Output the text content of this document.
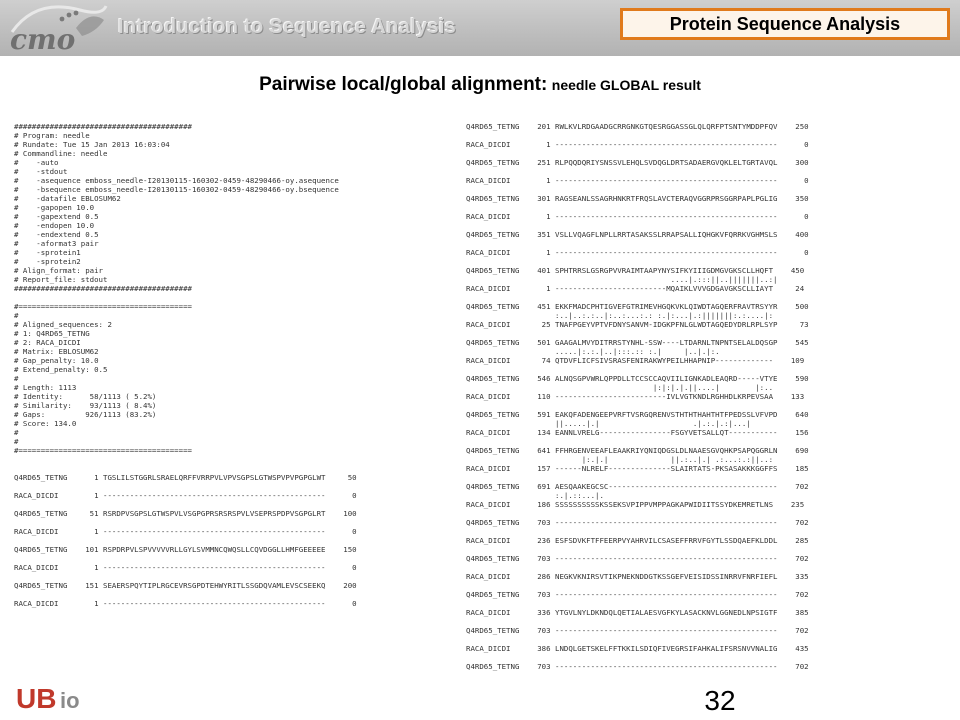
cmo Introduction to Sequence Analysis	Protein Sequence Analysis
Pairwise local/global alignment: needle GLOBAL result
########################################
# Program: needle
# Rundate: Tue 15 Jan 2013 16:03:04
# Commandline: needle
#    -auto
#    -stdout
#    -asequence emboss_needle-I20130115-160302-0459-48290466-oy.asequence
#    -bsequence emboss_needle-I20130115-160302-0459-48290466-oy.bsequence
#    -datafile EBLOSUM62
#    -gapopen 10.0
#    -gapextend 0.5
#    -endopen 10.0
#    -endextend 0.5
#    -aformat3 pair
#    -sprotein1
#    -sprotein2
# Align_format: pair
# Report_file: stdout
########################################
#=======================================
#
# Aligned_sequences: 2
# 1: Q4RD65_TETNG
# 2: RACA_DICDI
# Matrix: EBLOSUM62
# Gap_penalty: 10.0
# Extend_penalty: 0.5
#
# Length: 1113
# Identity:      58/1113 ( 5.2%)
# Similarity:    93/1113 ( 8.4%)
# Gaps:         926/1113 (83.2%)
# Score: 134.0
#
#
#=======================================
Q4RD65_TETNG      1 TGSLILSTGGRLSRAELQRFFVRRPVLVPVSGPSLGTWSPVPVPGPGLWT     50
RACA_DICDI        1 --------------------------------------------------      0
Q4RD65_TETNG     51 RSRDPVSGPSLGTWSPVLVSGPGPRSRSRSPVLVSEPRSPDPVSGPGLRT    100
RACA_DICDI        1 --------------------------------------------------      0
Q4RD65_TETNG    101 RSPDRPVLSPVVVVVRLLGYLSVMMNCQWQSLLCQVDGGLLHMFGEEEEE    150
RACA_DICDI        1 --------------------------------------------------      0
Q4RD65_TETNG    151 SEAERSPQYTIPLRGCEVRSGPDTEHWYRITLSSGDQVAMLEVSCSEEKQ    200
RACA_DICDI        1 --------------------------------------------------      0
Q4RD65_TETNG    201 RWLKVLRDGAADGCRRGNKGTQESRGGASSGLQLQRFPTSNTYMDDPFQV    250
RACA_DICDI        1 --------------------------------------------------      0
Q4RD65_TETNG    251 RLPQQDQRIYSNSSVLEHQLSVDQGLDRTSADAERGVQKLELTGRTAVQL    300
RACA_DICDI        1 --------------------------------------------------      0
Q4RD65_TETNG    301 RAGSEANLSSAGRHNKRTFRQSLAVCTERAQVGGRPRSGGRPAPLPGLIG    350
RACA_DICDI        1 --------------------------------------------------      0
Q4RD65_TETNG    351 VSLLVQAGFLNPLLRRTASAKSSLRRAPSALLIQHGKVFQRRKVGHMSLS    400
RACA_DICDI        1 --------------------------------------------------      0
Q4RD65_TETNG    401 SPHTRRSLGSRGPVVRAIMTAAPYNYSIFKYIIIGDMGVGKSCLLHQFT    450
....|.:::||..|||||||..:|
RACA_DICDI        1 -------------------------MQAIKLVVVGDGAVGKSCLLIAYT     24
Q4RD65_TETNG    451 EKKFMADCPHTIGVEFGTRIMEVHGQKVKLQIWDTAGQERFRAVTRSYYR    500
:..|..:.:..|:..:...:.: :.|:...|.:|||||||:.:....|:
RACA_DICDI       25 TNAFPGEYVPTVFDNYSANVM-IDGKPFNLGLWDTAGQEDYDRLRPLSYP     73
Q4RD65_TETNG    501 GAAGALMVYDITRRSTYNHL-SSW----LTDARNLTNPNTSELALDQSGP    545
.....|:.:.|..|:::.:: :.|     |..|.|:.
RACA_DICDI       74 QTDVFLICFSIVSRASFENIRAKWYPEILHHAPNIP-------------    109
Q4RD65_TETNG    546 ALNQSGPVWRLQPPDLLTCCSCCAQVIILIGNKADLEAQRD-----VTYE    590
|:|:|.|.||....|        |:..
RACA_DICDI      110 -------------------------IVLVGTKNDLRGHHDLKRPEVSAA    133
Q4RD65_TETNG    591 EAKQFADENGEEPVRFTVSRGQRENVSTHTHTHAHTHTFPEDSSLVFVPD    640
||.....|.|                     .|.:.|.:|...|
RACA_DICDI      134 EANNLVRELG----------------FSGYVETSALLQT-----------    156
Q4RD65_TETNG    641 FFHRGENVEEAFLEAAKRIYQNIQDGSLDLNAAESGVQHKPSAPQGGRLN    690
|:.|.|              ||.:..|.| .:...:.:||..:
RACA_DICDI      157 ------NLRELF--------------SLAIRTATS-PKSASAKKKGGFFS    185
Q4RD65_TETNG    691 AESQAAKEGCSC--------------------------------------    702
:.|.::...|.
RACA_DICDI      186 SSSSSSSSSSKSSEKSVPIPPVMPPAGKAPWIDIITSSYDKEMRETLNS    235
Q4RD65_TETNG    703 --------------------------------------------------    702
RACA_DICDI      236 ESFSDVKFTFFEERPVYAHRVILCSASEFFRRVFGYTLSSDQAEFKLDDL    285
Q4RD65_TETNG    703 --------------------------------------------------    702
RACA_DICDI      286 NEGKVKNIRSVTIKPNEKNDDGTKSSGEFVEISIDSSINRRVFNRFIEFL    335
Q4RD65_TETNG    703 --------------------------------------------------    702
RACA_DICDI      336 YTGVLNYLDKNDQLQETIALAESVGFKYLASACKNVLGGNEDLNPSIGTF    385
Q4RD65_TETNG    703 --------------------------------------------------    702
RACA_DICDI      386 LNDQLGETSKELFFTKKILSDIQFIVEGRSIFAHKALIFSRSNVVNALIG    435
Q4RD65_TETNG    703 --------------------------------------------------    702
UB io	32
